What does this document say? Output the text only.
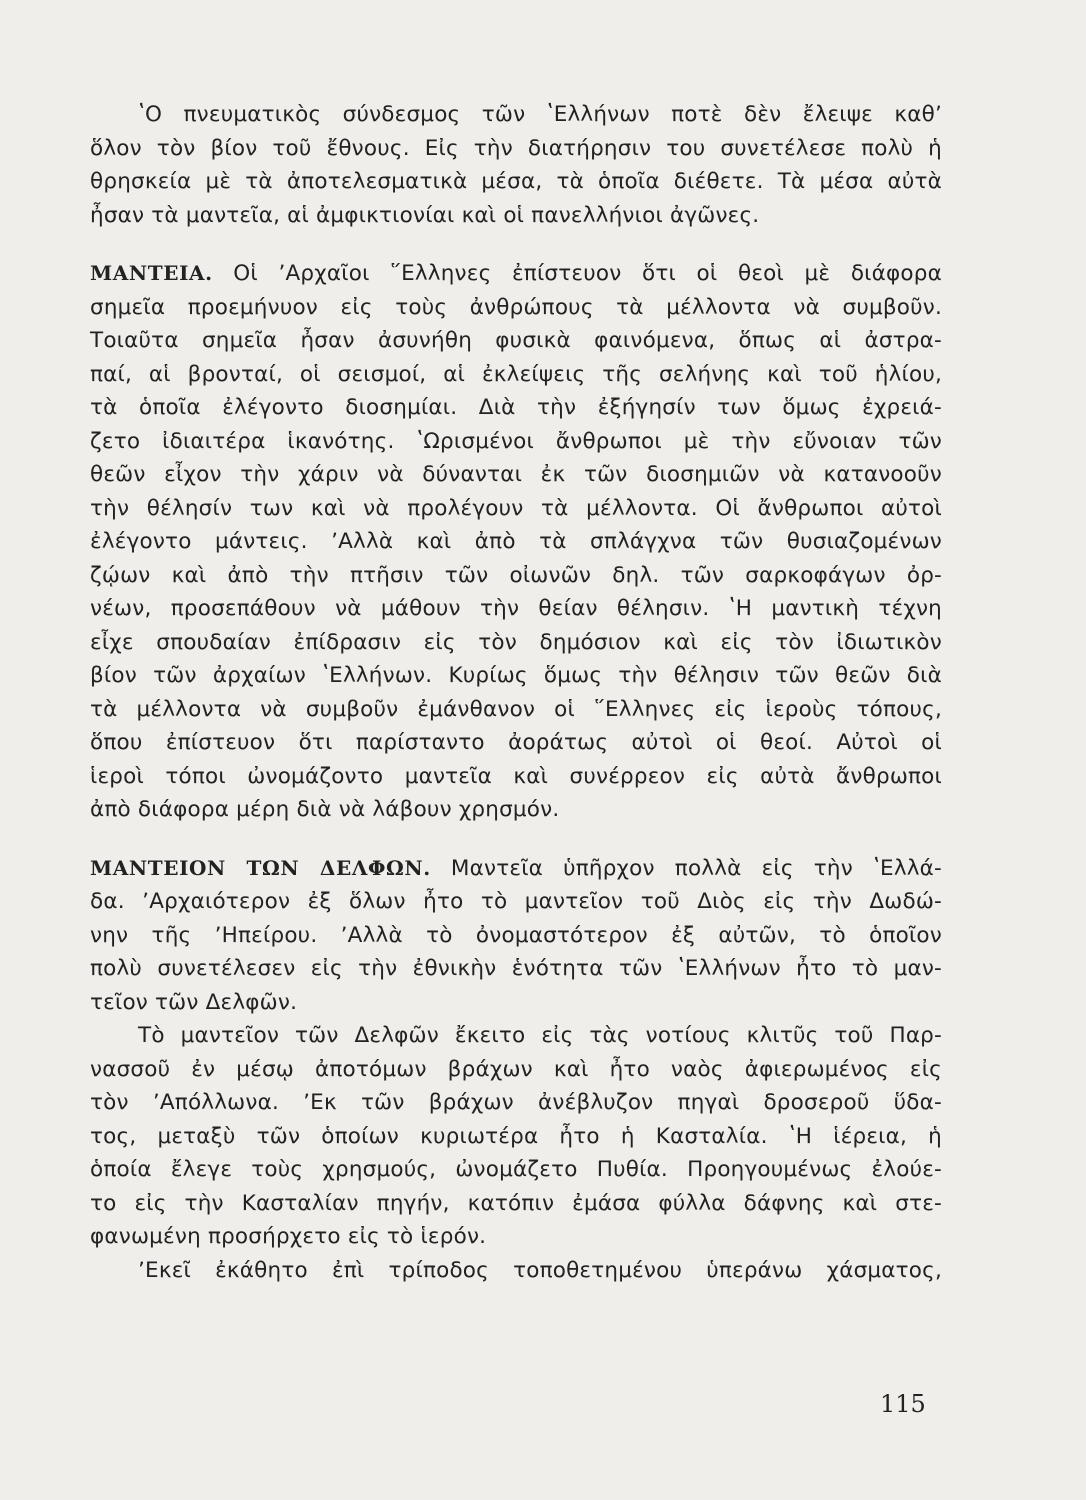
ʽΟ πνευματικὸς σύνδεσμος τῶν ʽΕλλήνων ποτὲ δὲν ἔλειψε καθʼ
ὅλον τὸν βίον τοῦ ἔθνους. Εἰς τὴν διατήρησιν του συνετέλεσε πολὺ ἡ
θρησκεία μὲ τὰ ἀποτελεσματικὰ μέσα, τὰ ὁποῖα διέθετε. Τὰ μέσα αὐτὰ
ἦσαν τὰ μαντεῖα, αἱ ἀμφικτιονίαι καὶ οἱ πανελλήνιοι ἀγῶνες.
ΜΑΝΤΕΙΑ. Οἱ ʼΑρχαῖοι ῞Ελληνες ἐπίστευον ὅτι οἱ θεοὶ μὲ διάφορα
σημεῖα προεμήνυον εἰς τοὺς ἀνθρώπους τὰ μέλλοντα νὰ συμβοῦν.
Τοιαῦτα σημεῖα ἦσαν ἀσυνήθη φυσικὰ φαινόμενα, ὅπως αἱ ἀστρα-
παί, αἱ βρονταί, οἱ σεισμοί, αἱ ἐκλείψεις τῆς σελήνης καὶ τοῦ ἡλίου,
τὰ ὁποῖα ἐλέγοντο διοσημίαι. Διὰ τὴν ἐξήγησίν των ὅμως ἐχρειά-
ζετο ἰδιαιτέρα ἱκανότης. ʽΩρισμένοι ἄνθρωποι μὲ τὴν εὔνοιαν τῶν
θεῶν εἶχον τὴν χάριν νὰ δύνανται ἐκ τῶν διοσημιῶν νὰ κατανοοῦν
τὴν θέλησίν των καὶ νὰ προλέγουν τὰ μέλλοντα. Οἱ ἄνθρωποι αὐτοὶ
ἐλέγοντο μάντεις. ʼΑλλὰ καὶ ἀπὸ τὰ σπλάγχνα τῶν θυσιαζομένων
ζῴων καὶ ἀπὸ τὴν πτῆσιν τῶν οἰωνῶν δηλ. τῶν σαρκοφάγων ὀρ-
νέων, προσεπάθουν νὰ μάθουν τὴν θείαν θέλησιν. ʽΗ μαντικὴ τέχνη
εἶχε σπουδαίαν ἐπίδρασιν εἰς τὸν δημόσιον καὶ εἰς τὸν ἰδιωτικὸν
βίον τῶν ἀρχαίων ʽΕλλήνων. Κυρίως ὅμως τὴν θέλησιν τῶν θεῶν διὰ
τὰ μέλλοντα νὰ συμβοῦν ἐμάνθανον οἱ ῞Ελληνες εἰς ἱεροὺς τόπους,
ὅπου ἐπίστευον ὅτι παρίσταντο ἀοράτως αὐτοὶ οἱ θεοί. Αὐτοὶ οἱ
ἱεροὶ τόποι ὠνομάζοντο μαντεῖα καὶ συνέρρεον εἰς αὐτὰ ἄνθρωποι
ἀπὸ διάφορα μέρη διὰ νὰ λάβουν χρησμόν.
ΜΑΝΤΕΙΟΝ ΤΩΝ ΔΕΛΦΩΝ. Μαντεῖα ὑπῆρχον πολλὰ εἰς τὴν ʽΕλλά-
δα. ʼΑρχαιότερον ἐξ ὅλων ἦτο τὸ μαντεῖον τοῦ Διὸς εἰς τὴν Δωδώ-
νην τῆς ʼΗπείρου. ʼΑλλὰ τὸ ὀνομαστότερον ἐξ αὐτῶν, τὸ ὁποῖον
πολὺ συνετέλεσεν εἰς τὴν ἐθνικὴν ἑνότητα τῶν ʽΕλλήνων ἦτο τὸ μαν-
τεῖον τῶν Δελφῶν.
Τὸ μαντεῖον τῶν Δελφῶν ἔκειτο εἰς τὰς νοτίους κλιτῦς τοῦ Παρ-
νασσοῦ ἐν μέσῳ ἀποτόμων βράχων καὶ ἦτο ναὸς ἀφιερωμένος εἰς
τὸν ʼΑπόλλωνα. ʼΕκ τῶν βράχων ἀνέβλυζον πηγαὶ δροσεροῦ ὕδα-
τος, μεταξὺ τῶν ὁποίων κυριωτέρα ἦτο ἡ Κασταλία. ʽΗ ἱέρεια, ἡ
ὁποία ἔλεγε τοὺς χρησμούς, ὠνομάζετο Πυθία. Προηγουμένως ἐλούε-
το εἰς τὴν Κασταλίαν πηγήν, κατόπιν ἐμάσα φύλλα δάφνης καὶ στε-
φανωμένη προσήρχετο εἰς τὸ ἱερόν.
ʼΕκεῖ ἐκάθητο ἐπὶ τρίποδος τοποθετημένου ὑπεράνω χάσματος,
115
